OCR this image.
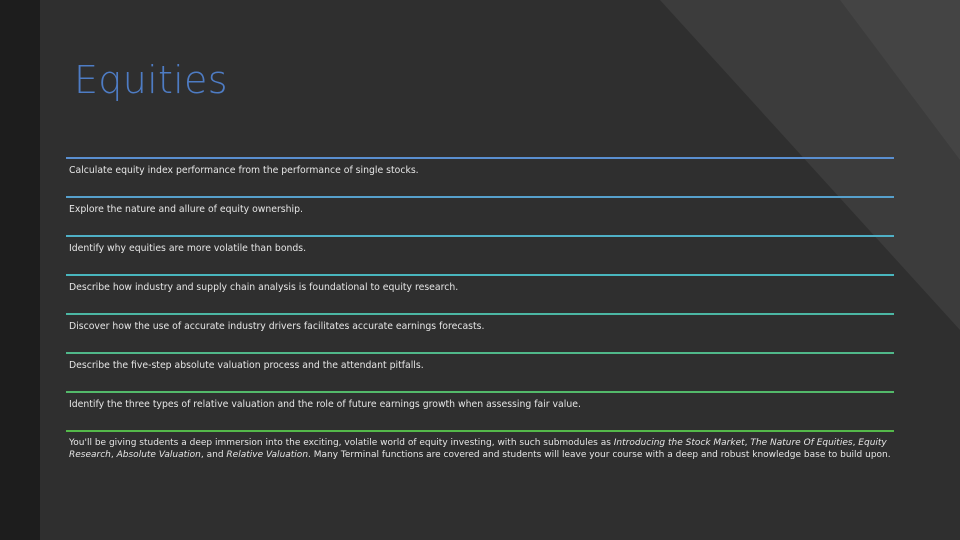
Equities

Calculate equity index performance from the performance of single stocks.

Explore the nature and allure of equity ownership.

Identify why equities are more volatile than bonds.

Describe how industry and supply chain analysis is foundational to equity research.

Discover how the use of accurate industry drivers facilitates accurate earnings forecasts.

Describe the five-step absolute valuation process and the attendant pitfalls.

Identify the three types of relative valuation and the role of future earnings growth when assessing fair value.

You'll be giving students a deep immersion into the exciting, volatile world of equity investing, with such submodules as Introducing the Stock Market, The Nature Of Equities, Equity Research, Absolute Valuation, and Relative Valuation. Many Terminal functions are covered and students will leave your course with a deep and robust knowledge base to build upon.
